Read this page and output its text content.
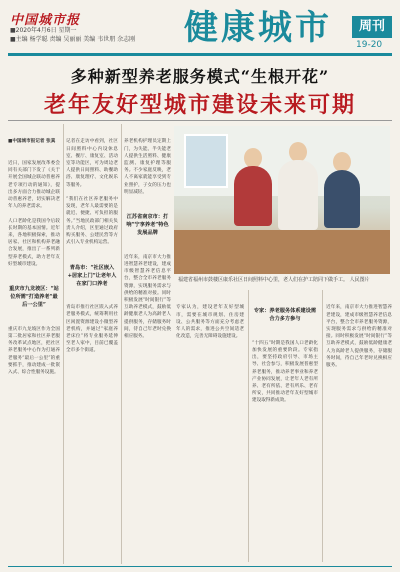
中国城市报
■2020年4月6日 星期一
■主编 杨学聪 责编 吴丽丽 美编 韦世朋 余志刚 健康城市	周刊
19-20
多种新型养老服务模式“生根开花”
老年友好型城市建设未来可期

■中国城市报记者 张真

近日，国家发展改革委会同有关部门下发了《关于开展全国城企联动普惠养老专项行动的通知》，提出多方面合力推动城企联动普惠养老，切实解决老年人的养老需求。

人口老龄化是我国今后较长时期的基本国情。近年来，各地积极探索，推动居家、社区和机构养老融合发展，推出了一系列新型养老模式，助力老年友好型城市建设。

重庆市九龙坡区：“站位所需”打造养老“最后一公里”

重庆市九龙坡区作为全国第二批居家和社区养老服务改革试点地区，把社区养老服务中心作为打通养老服务“最后一公里”的重要抓手，推动建成一批嵌入式、综合性服务设施。

记者在走访中看到，社区日间照料中心内设休息室、餐厅、康复室、活动室等功能区，可为周边老人提供日间照料、助餐助浴、康复理疗、文化娱乐等服务。

“我们在社区养老服务中发现，老年人最需要的是就近、便捷、可负担的服务。”当地民政部门相关负责人介绍，区里通过政府购买服务、公建民营等方式引入专业机构运营。

青岛市：“社区嵌入+居家上门”让老年人在家门口养老

青岛市推行社区嵌入式养老服务模式，统筹利用社区闲置资源建设小微型养老机构，并通过“家庭养老床位”将专业服务延伸至老人家中，目前已覆盖全市多个街道。

养老机构护理员定期上门，为失能、半失能老人提供生活照料、健康监测、康复护理等服务。不少家庭反映，老人不离家就能享受到专业照护，子女的压力也明显减轻。

江苏省南京市：打响“宁享养老”特色发展品牌

近年来，南京市大力推进智慧养老建设，建成市级智慧养老信息平台，整合全市养老服务资源，实现服务需求与供给的精准对接。同时积极发展“时间银行”等互助养老模式，鼓励低龄健康老人为高龄老人提供服务，存储服务时间，待自己年老时兑换相应服务。

福建省福州市鼓楼区康乐社区日间照料中心里，老人们在护工陪同下做手工。 人民图片

专家认为，建设老年友好型城市，需要在城市规划、住房建设、公共服务等方面充分考虑老年人的需求，推进公共空间适老化改造，完善无障碍设施建设。

专家：养老服务体系建设需合力多方参与

“十四五”时期是我国人口老龄化加快发展的重要阶段。专家指出，要坚持政府引导、市场主导、社会参与，积极发展普惠型养老服务，推动养老事业和养老产业协同发展，让老年人老有所养、老有所依、老有所乐、老有所安，共同推动老年友好型城市建设取得新成效。

近年来，南京市大力推进智慧养老建设，建成市级智慧养老信息平台，整合全市养老服务资源，实现服务需求与供给的精准对接。同时积极发展“时间银行”等互助养老模式，鼓励低龄健康老人为高龄老人提供服务，存储服务时间，待自己年老时兑换相应服务。
